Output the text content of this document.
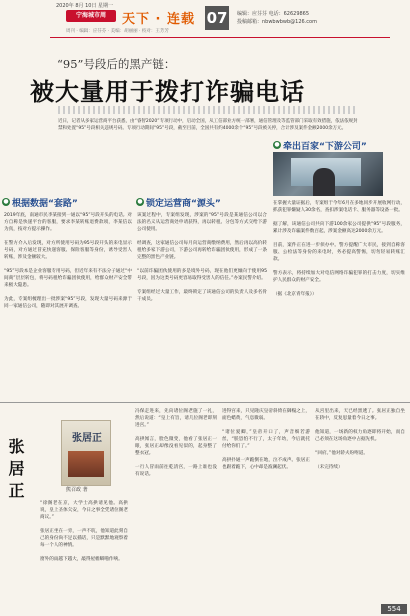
2020年 8月 10日 星期一
宁海城市周	天下 · 连载 07	编辑：应芬芬 电话：62629865
投稿邮箱：nbwbwbwb@126.com
周刊 · 编辑：应芬芬 · 美编：胡丽丽 · 校对：王芳芳
“95”号段后的黑产链：
被大量用于拨打诈骗电话
近日，记者从多家运营商平台获悉，由“睿智2020”专项行动中，启动全国，从工信部业方统一部署，通信管理及等监管部门采取有效措施，依法依规封禁和处置“95”号段相关违规号码。专项行动期间“95”号段，截至目前，全国共有约4000余个“95”号段被关停，合计涉及案件金额2000余万元。
● 根据数据“套路”	● 锁定运营商“源头”
● 牵出百家“下游公司”
2019年底，南通市民李某接到一通以“95”号段开头的电话。对方自称是快递平台的客服，要求李某转账退费款项，李某信以为真，按对方提示操作。

在警方介入后发现，对方所使用号码为95号段开头的来电显示号码，对方通过冒充快递客服、保险客服等身份，诱导受害人转账，涉及金额较大。

“95”号段本是企业客服专用号码，但近年来有不法分子通过“中间商”层层转包，将号码租给诈骗团伙使用，给群众财产安全带来极大隐患。

为此，专案组梳理出一批涉案“95”号段，发现大量号码来源于同一家通信公司，随即对其展开调查。
该案过程中，专案组发现，涉案的“95”号段是某通信公司以合法的名义从运营商处申请获得，再以转租、分包等方式交给下游公司使用。

经调查，这家通信公司每月向运营商缴纳费用，然后再以高价转租给多家下游公司，下游公司再转给诈骗团伙使用，形成了一条完整的黑色产业链。

“以前诈骗团伙使用的多是境外号码，现在他们更倾向于使用95号段，因为这类号码更容易取得受害人的信任。”办案民警介绍。

专案组经过大量工作，最终锁定了该通信公司的负责人及多名骨干成员。
在掌握大量证据后，专案组于今年6月在多地同步开展收网行动，抓获犯罪嫌疑人30余名，查扣涉案电话卡、服务器等设备一批。

据了解，该通信公司共向下游100余家公司提供“95”号段服务，累计涉及诈骗案件数百起，涉案金额高达2000余万元。

目前，案件正在进一步侦办中。警方提醒广大市民，接到自称客服、公检法等身份的来电时，务必提高警惕，切勿轻易转账汇款。

警方表示，将持续加大对电信网络诈骗犯罪的打击力度，切实维护人民群众的财产安全。

（据《北京青年报》）
张居正	张居正
熊召政 著
“徐阁老在京，大学士高拱请见他。高拱说，皇上圣体欠安，今日之事全凭诸位阁老商议。”

张居正坐在一旁，一声不吭，他知道此刻自己的身份尚不足以插话，只是默默地观察着每一个人的神情。

窗外的雨越下越大，敲得屋檐噼啪作响。
冯保走进来，先向诸位阁老施了一礼，然后说道：“皇上有旨，请几位阁老即刻进宫。”

高拱闻言，脸色微变，他看了张居正一眼，张居正却像没看见似的，起身整了整衣冠。

一行人冒雨前往乾清宫，一路上谁也没有说话。
进得宫来，只见隆庆皇帝斜倚在御榻之上，面色蜡黄，气息微弱。

“诸位爱卿，”皇帝开口了，声音细若游丝，“朕恐怕不行了，太子年幼，今后就托付给你们了。”

高拱扑通一声跪倒在地，泣不成声。张居正也跟着跪下，心中却是波澜起伏。
从宫里出来，天已经黑透了。张居正独自坐在轿中，反复思量着今日之事。

他知道，一场新的权力角逐即将开始，而自己必须在这场角逐中占据先机。

“回府。”他对轿夫吩咐道。

（未完待续）
554
